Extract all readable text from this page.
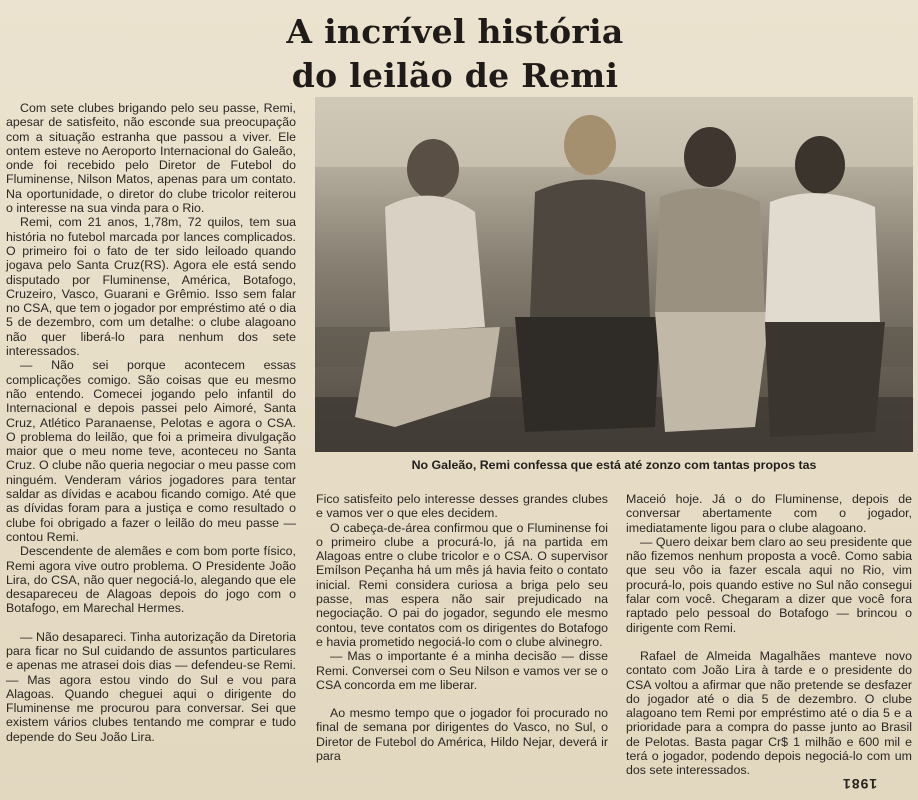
A incrível história
do leilão de Remi

Com sete clubes brigando pelo seu passe, Remi, apesar de satisfeito, não esconde sua preocupação com a situação estranha que passou a viver. Ele ontem esteve no Aeroporto Internacional do Galeão, onde foi recebido pelo Diretor de Futebol do Fluminense, Nilson Matos, apenas para um contato. Na oportunidade, o diretor do clube tricolor reiterou o interesse na sua vinda para o Rio.

Remi, com 21 anos, 1,78m, 72 quilos, tem sua história no futebol marcada por lances complicados. O primeiro foi o fato de ter sido leiloado quando jogava pelo Santa Cruz(RS). Agora ele está sendo disputado por Fluminense, América, Botafogo, Cruzeiro, Vasco, Guarani e Grêmio. Isso sem falar no CSA, que tem o jogador por empréstimo até o dia 5 de dezembro, com um detalhe: o clube alagoano não quer liberá-lo para nenhum dos sete interessados.

— Não sei porque acontecem essas complicações comigo. São coisas que eu mesmo não entendo. Comecei jogando pelo infantil do Internacional e depois passei pelo Aimoré, Santa Cruz, Atlético Paranaense, Pelotas e agora o CSA. O problema do leilão, que foi a primeira divulgação maior que o meu nome teve, aconteceu no Santa Cruz. O clube não queria negociar o meu passe com ninguém. Venderam vários jogadores para tentar saldar as dívidas e acabou ficando comigo. Até que as dívidas foram para a justiça e como resultado o clube foi obrigado a fazer o leilão do meu passe — contou Remi.

Descendente de alemães e com bom porte físico, Remi agora vive outro problema. O Presidente João Lira, do CSA, não quer negociá-lo, alegando que ele desapareceu de Alagoas depois do jogo com o Botafogo, em Marechal Hermes.

— Não desapareci. Tinha autorização da Diretoria para ficar no Sul cuidando de assuntos particulares e apenas me atrasei dois dias — defendeu-se Remi. — Mas agora estou vindo do Sul e vou para Alagoas. Quando cheguei aqui o dirigente do Fluminense me procurou para conversar. Sei que existem vários clubes tentando me comprar e tudo depende do Seu João Lira.

No Galeão, Remi confessa que está até zonzo com tantas propos tas

Fico satisfeito pelo interesse desses grandes clubes e vamos ver o que eles decidem.

O cabeça-de-área confirmou que o Fluminense foi o primeiro clube a procurá-lo, já na partida em Alagoas entre o clube tricolor e o CSA. O supervisor Emílson Peçanha há um mês já havia feito o contato inicial. Remi considera curiosa a briga pelo seu passe, mas espera não sair prejudicado na negociação. O pai do jogador, segundo ele mesmo contou, teve contatos com os dirigentes do Botafogo e havia prometido negociá-lo com o clube alvinegro.

— Mas o importante é a minha decisão — disse Remi. Conversei com o Seu Nilson e vamos ver se o CSA concorda em me liberar.

Ao mesmo tempo que o jogador foi procurado no final de semana por dirigentes do Vasco, no Sul, o Diretor de Futebol do América, Hildo Nejar, deverá ir para

Maceió hoje. Já o do Fluminense, depois de conversar abertamente com o jogador, imediatamente ligou para o clube alagoano.

— Quero deixar bem claro ao seu presidente que não fizemos nenhum proposta a você. Como sabia que seu vôo ia fazer escala aqui no Rio, vim procurá-lo, pois quando estive no Sul não consegui falar com você. Chegaram a dizer que você fora raptado pelo pessoal do Botafogo — brincou o dirigente com Remi.

Rafael de Almeida Magalhães manteve novo contato com João Lira à tarde e o presidente do CSA voltou a afirmar que não pretende se desfazer do jogador até o dia 5 de dezembro. O clube alagoano tem Remi por empréstimo até o dia 5 e a prioridade para a compra do passe junto ao Brasil de Pelotas. Basta pagar Cr$ 1 milhão e 600 mil e terá o jogador, podendo depois negociá-lo com um dos sete interessados.

1981
